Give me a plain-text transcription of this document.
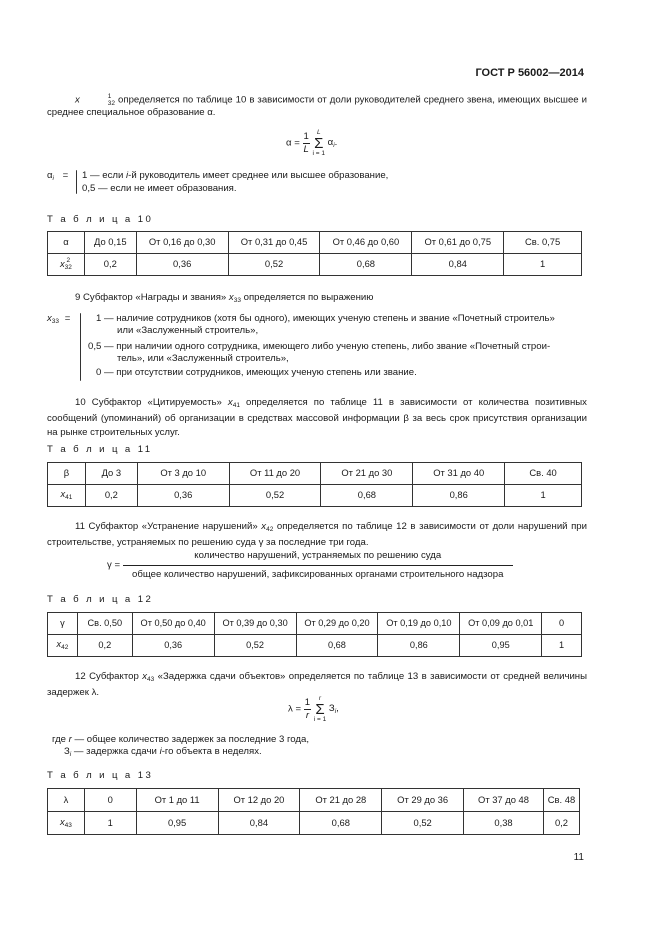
ГОСТ Р 56002—2014
x	1
32 определяется по таблице 10 в зависимости от доли руководителей среднего звена, имеющих высшее и среднее специальное образование α.
$\alpha = \frac{1}{L}$
	L
Σ
i = 1
$\alpha_i$.
$\alpha_i = 1$ — если i-й руководитель имеет среднее или высшее образование,
0,5 — если не имеет образования.
Т а б л и ц а 10
α	До 0,15	От 0,16 до 0,30	От 0,31 до 0,45	От 0,46 до 0,60	От 0,61 до 0,75	Св. 0,75
x 2
32	0,2	0,36	0,52	0,68	0,84	1
9 Субфактор «Награды и звания» $x_{33}$ определяется по выражению
$x_{33}$ =	1 — наличие сотрудников (хотя бы одного), имеющих ученую степень и звание «Почетный строитель»
или «Заслуженный строитель»,
0,5 — при наличии одного сотрудника, имеющего либо ученую степень, либо звание «Почетный строи-
тель», или «Заслуженный строитель»,
0 — при отсутствии сотрудников, имеющих ученую степень или звание.
10 Субфактор «Цитируемость» $x_{41}$ определяется по таблице 11 в зависимости от количества позитивных сообщений (упоминаний) об организации в средствах массовой информации β за весь срок присутствия организации на рынке строительных услуг.
Т а б л и ц а 11
β	До 3	От 3 до 10	От 11 до 20	От 21 до 30	От 31 до 40	Св. 40
$x_{41}$	0,2	0,36	0,52	0,68	0,86	1
11 Субфактор «Устранение нарушений» $x_{42}$ определяется по таблице 12 в зависимости от доли нарушений при строительстве, устраняемых по решению суда γ за последние три года.
γ =
количество нарушений, устраняемых по решению суда
общее количество нарушений, зафиксированных органами строительного надзора
Т а б л и ц а 12
γ	Св. 0,50	От 0,50 до 0,40	От 0,39 до 0,30	От 0,29 до 0,20	От 0,19 до 0,10	От 0,09 до 0,01	0
$x_{42}$	0,2	0,36	0,52	0,68	0,86	0,95	1
12 Субфактор $x_{43}$ «Задержка сдачи объектов» определяется по таблице 13 в зависимости от средней величины задержек λ.
$\lambda = \frac{1}{r}$
	r
Σ
i = 1
$З_i$,
где r — общее количество задержек за последние 3 года,
$З_i$ — задержка сдачи i-го объекта в неделях.
Т а б л и ц а 13
λ	0	От 1 до 11	От 12 до 20	От 21 до 28	От 29 до 36	От 37 до 48	Св. 48
$x_{43}$	1	0,95	0,84	0,68	0,52	0,38	0,2
11
